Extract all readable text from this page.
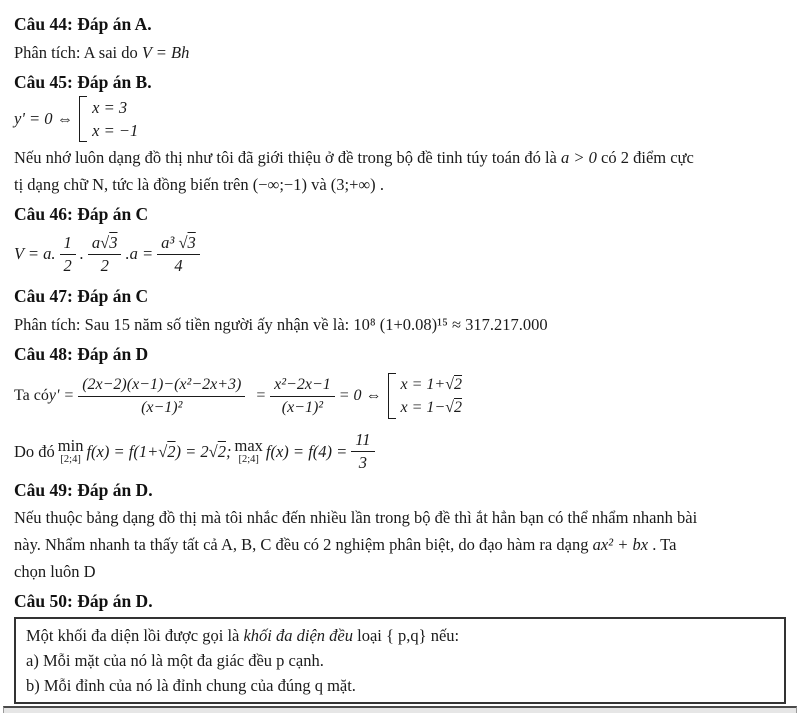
Câu 44: Đáp án A.
Phân tích: A sai do V = Bh
Câu 45: Đáp án B.
y' = 0 ⇔
x = 3
x = −1
Nếu nhớ luôn dạng đồ thị như tôi đã giới thiệu ở đề trong bộ đề tinh túy toán đó là a > 0 có 2 điểm cực
tị dạng chữ N, tức là đồng biến trên (−∞;−1) và (3;+∞) .
Câu 46: Đáp án C
V = a. $\frac{1}{2}$ . $\frac{a√3}{2} .a = \frac{\text{a³ √3}}{4}$
Câu 47: Đáp án C
Phân tích: Sau 15 năm số tiền người ấy nhận về là: 10⁸ (1+0.08)¹⁵ ≈ 317.217.000
Câu 48: Đáp án D
Ta có $y' = \frac{\text{(2x−2)(x−1)−(x²−2x+3)}}{\text{(x−1)²}} = \frac{\text{x²−2x−1}}{\text{(x−1)²}} = 0$ ⇔
x = 1+√2
x = 1−√2
Do đó min
[2;4] f(x) = f(1+√2) = 2√2; max
[2;4] $f(x) = f(4) = \frac{11}{3}$
Câu 49: Đáp án D.
Nếu thuộc bảng dạng đồ thị mà tôi nhắc đến nhiều lần trong bộ đề thì ắt hẳn bạn có thể nhẩm nhanh bài
này. Nhẩm nhanh ta thấy tất cả A, B, C đều có 2 nghiệm phân biệt, do đạo hàm ra dạng ax² + bx . Ta
chọn luôn D
Câu 50: Đáp án D.
Một khối đa diện lồi được gọi là khối đa diện đều loại { p,q} nếu:
a) Mỗi mặt của nó là một đa giác đều p cạnh.
b) Mỗi đỉnh của nó là đỉnh chung của đúng q mặt.
